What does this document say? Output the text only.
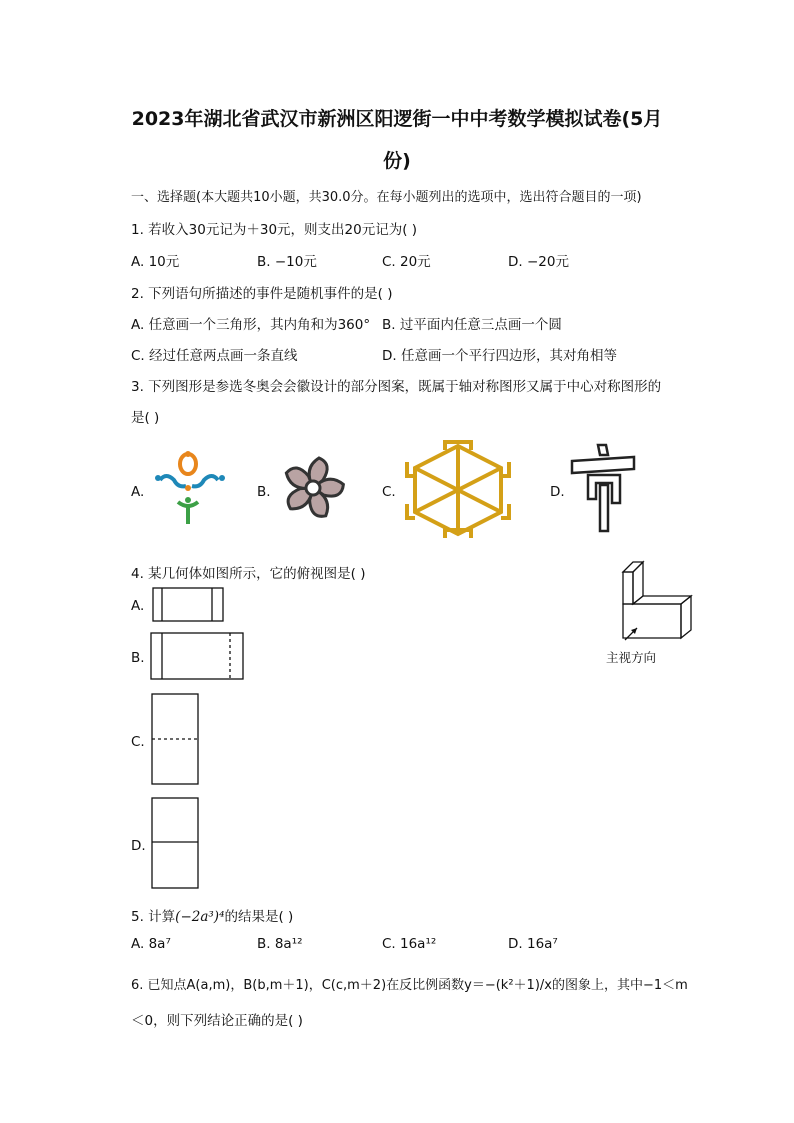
2023年湖北省武汉市新洲区阳逻街一中中考数学模拟试卷(5月
份)
一、选择题(本大题共10小题，共30.0分。在每小题列出的选项中，选出符合题目的一项)
1. 若收入30元记为＋30元，则支出20元记为( )
A. 10元	B. −10元	C. 20元	D. −20元
2. 下列语句所描述的事件是随机事件的是( )
A. 任意画一个三角形，其内角和为360° B. 过平面内任意三点画一个圆
C. 经过任意两点画一条直线	D. 任意画一个平行四边形，其对角相等
3. 下列图形是参选冬奥会会徽设计的部分图案，既属于轴对称图形又属于中心对称图形的
是( )
A.	B.	C.	D.
4. 某几何体如图所示，它的俯视图是( )
A.
B.
C.
D.
主视方向
5. 计算(−2a³)⁴的结果是( )
A. 8a⁷	B. 8a¹²	C. 16a¹²	D. 16a⁷
6. 已知点A(a,m)，B(b,m＋1)，C(c,m＋2)在反比例函数y＝−(k²＋1)/x的图象上，其中−1＜m
＜0，则下列结论正确的是( )
